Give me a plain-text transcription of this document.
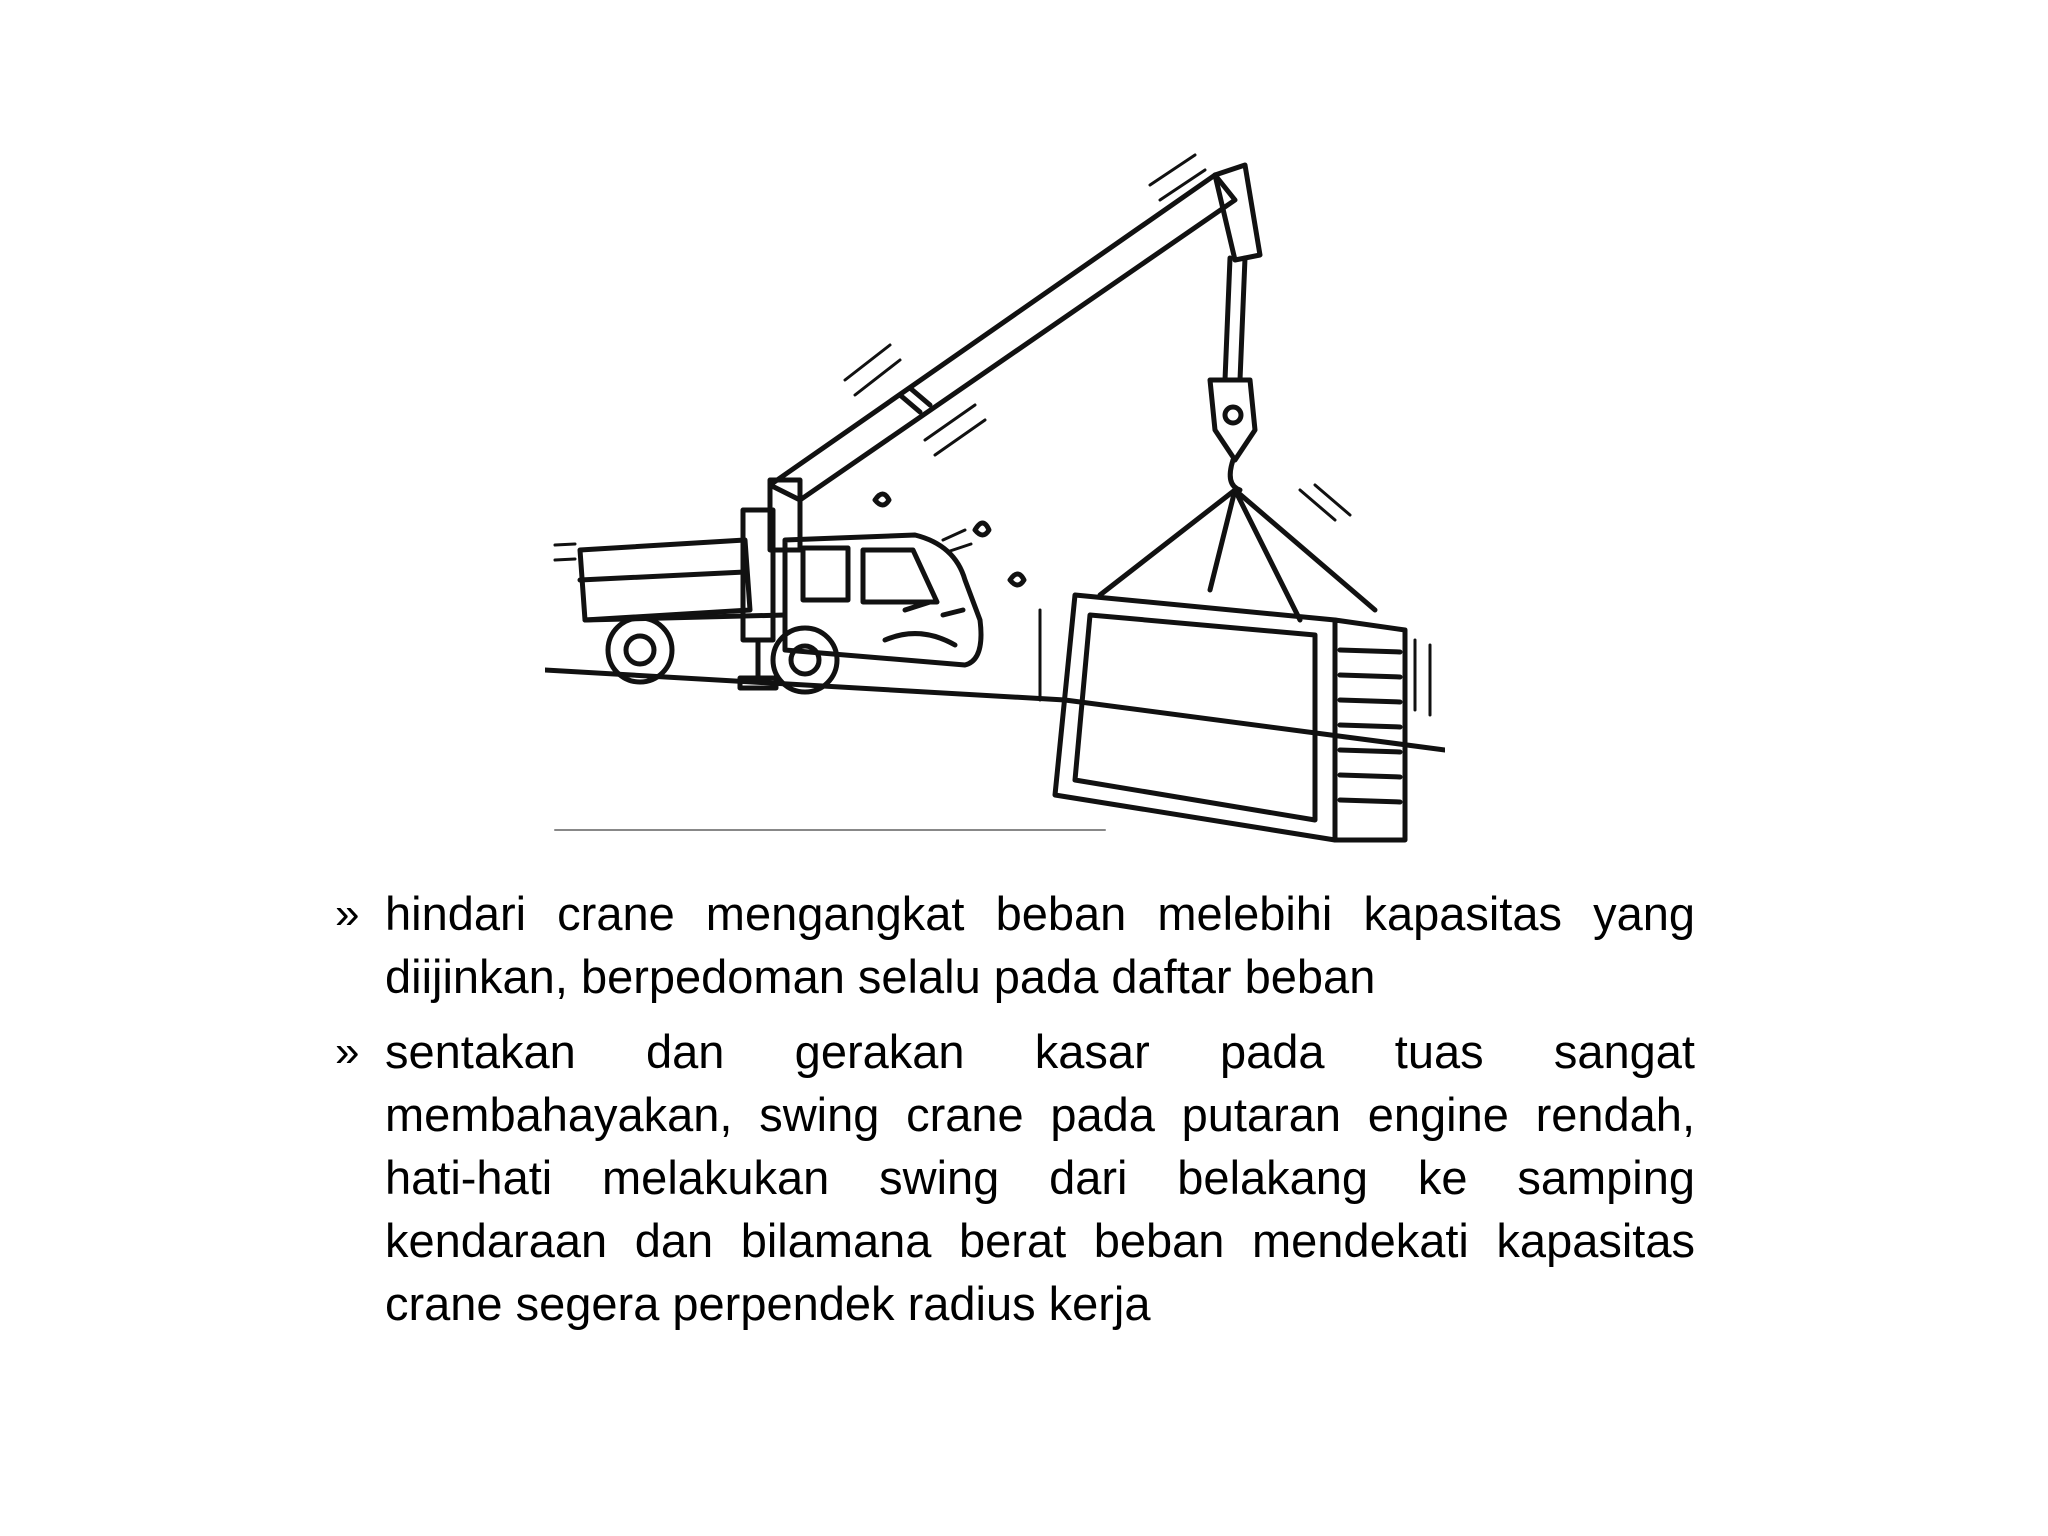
» hindari crane mengangkat beban melebihi kapasitas yang diijinkan, berpedoman selalu pada daftar beban
» sentakan dan gerakan kasar pada tuas sangat membahayakan, swing crane pada putaran engine rendah, hati-hati melakukan swing dari belakang ke samping kendaraan dan bilamana berat beban mendekati kapasitas crane segera perpendek radius kerja
